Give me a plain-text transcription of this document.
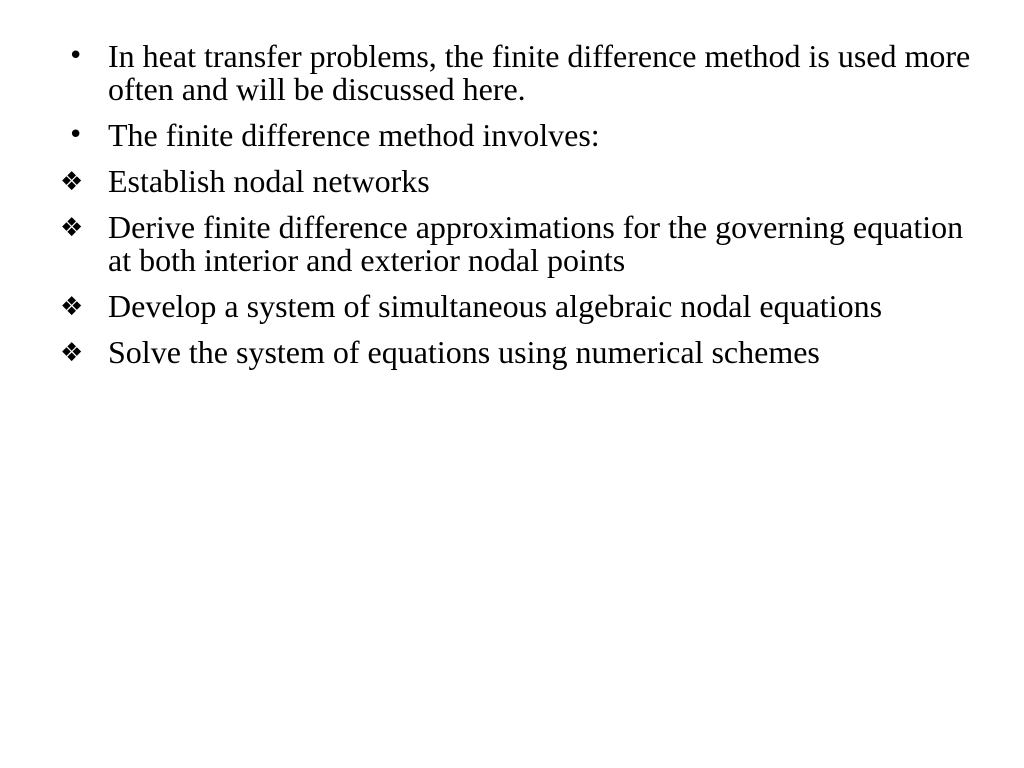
• In heat transfer problems, the finite difference method is used more often and will be discussed here.
• The finite difference method involves:
❖ Establish nodal networks
❖ Derive finite difference approximations for the governing equation at both interior and exterior nodal points
❖ Develop a system of simultaneous algebraic nodal equations
❖ Solve the system of equations using numerical schemes
